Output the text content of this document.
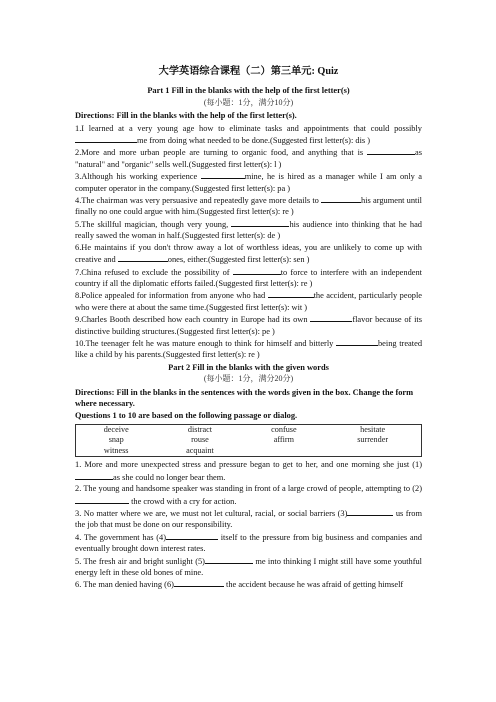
大学英语综合课程（二）第三单元: Quiz
Part 1 Fill in the blanks with the help of the first letter(s)
(每小题：1分，满分10分)
Directions: Fill in the blanks with the help of the first letter(s).

1.I learned at a very young age how to eliminate tasks and appointments that could possibly me from doing what needed to be done.(Suggested first letter(s): dis )

2.More and more urban people are turning to organic food, and anything that is	as "natural" and "organic" sells well.(Suggested first letter(s): l )

3.Although his working experience	mine, he is hired as a manager while I am only a computer operator in the company.(Suggested first letter(s): pa )

4.The chairman was very persuasive and repeatedly gave more details to	his argument until finally no one could argue with him.(Suggested first letter(s): re )

5.The skillful magician, though very young,	his audience into thinking that he had really sawed the woman in half.(Suggested first letter(s): de )

6.He maintains if you don't throw away a lot of worthless ideas, you are unlikely to come up with creative and	ones, either.(Suggested first letter(s): sen )

7.China refused to exclude the possibility of	to force to interfere with an independent country if all the diplomatic efforts failed.(Suggested first letter(s): re )

8.Police appealed for information from anyone who had	the accident, particularly people who were there at about the same time.(Suggested first letter(s): wit )

9.Charles Booth described how each country in Europe had its own	flavor because of its distinctive building structures.(Suggested first letter(s): pe )

10.The teenager felt he was mature enough to think for himself and bitterly	being treated like a child by his parents.(Suggested first letter(s): re )

Part 2 Fill in the blanks with the given words
(每小题：1分，满分20分)
Directions: Fill in the blanks in the sentences with the words given in the box. Change the form where necessary.
Questions 1 to 10 are based on the following passage or dialog.
deceive	distract	confuse	hesitate
snap	rouse	affirm	surrender
witness	acquaint		

1. More and more unexpected stress and pressure began to get to her, and one morning she just (1) as she could no longer bear them.

2. The young and handsome speaker was standing in front of a large crowd of people, attempting to (2) the crowd with a cry for action.

3. No matter where we are, we must not let cultural, racial, or social barriers (3)	us from the job that must be done on our responsibility.

4. The government has (4)	itself to the pressure from big business and companies and eventually brought down interest rates.

5. The fresh air and bright sunlight (5)	me into thinking I might still have some youthful energy left in these old bones of mine.

6. The man denied having (6)	the accident because he was afraid of getting himself
